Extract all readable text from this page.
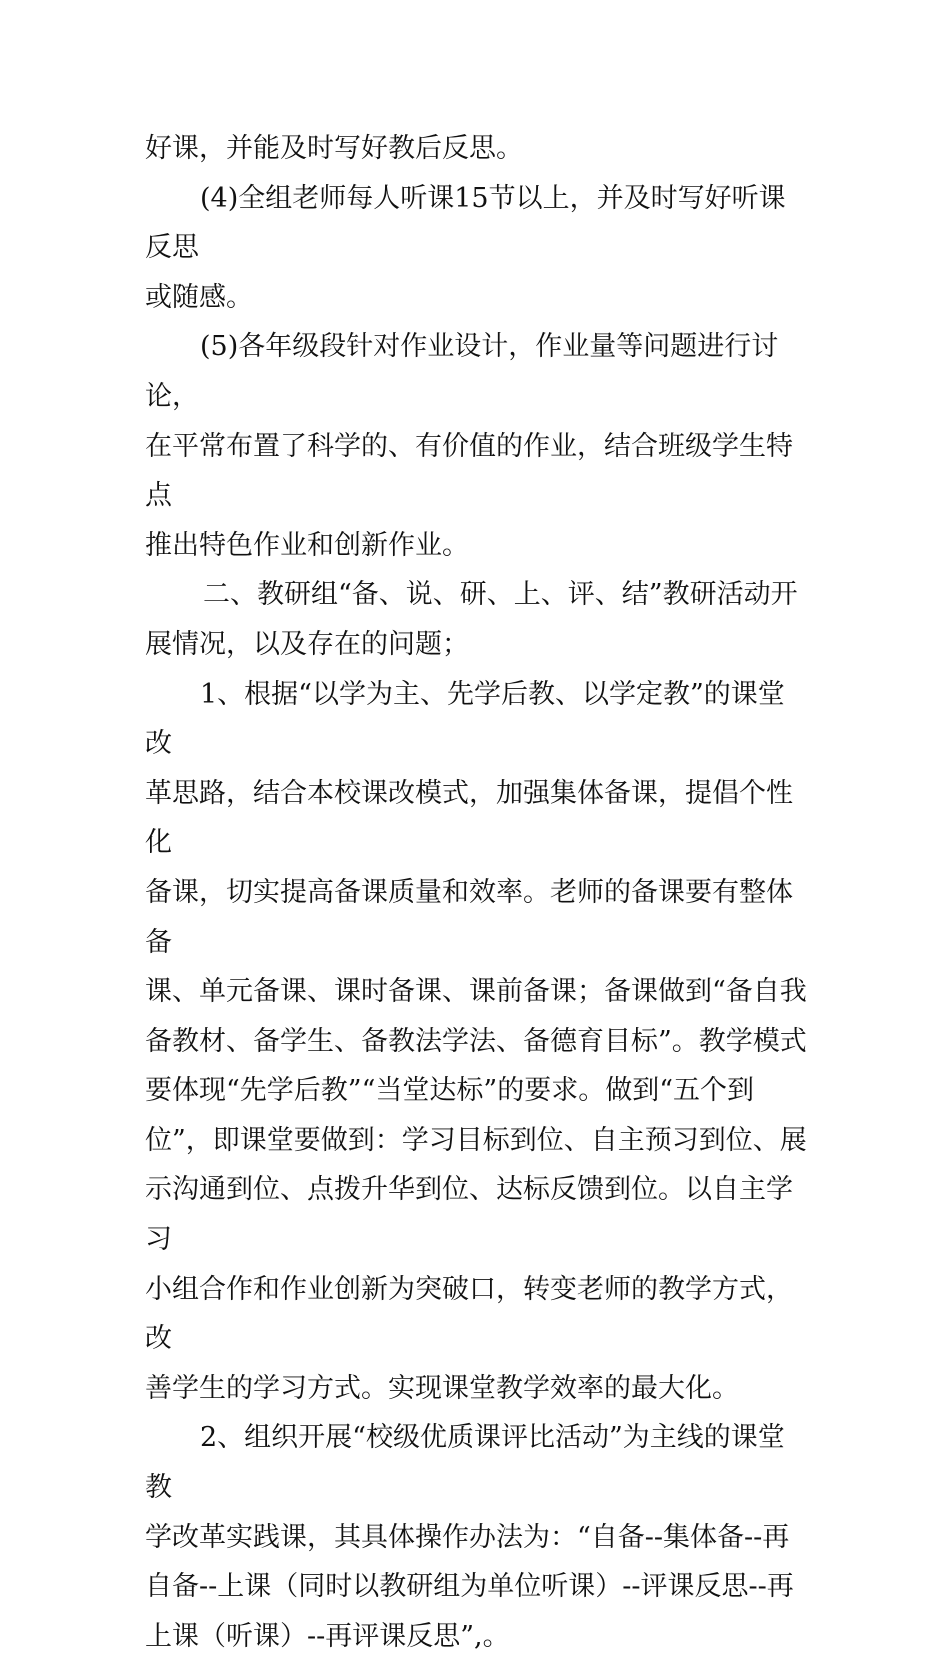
好课，并能及时写好教后反思。

(4)全组老师每人听课15节以上，并及时写好听课反思
或随感。

(5)各年级段针对作业设计，作业量等问题进行讨论，
在平常布置了科学的、有价值的作业，结合班级学生特点
推出特色作业和创新作业。

二、教研组“备、说、研、上、评、结”教研活动开
展情况，以及存在的问题；

1、根据“以学为主、先学后教、以学定教”的课堂改
革思路，结合本校课改模式，加强集体备课，提倡个性化
备课，切实提高备课质量和效率。老师的备课要有整体备
课、单元备课、课时备课、课前备课；备课做到“备自我
备教材、备学生、备教法学法、备德育目标”。教学模式
要体现“先学后教”“当堂达标”的要求。做到“五个到
位”，即课堂要做到：学习目标到位、自主预习到位、展
示沟通到位、点拨升华到位、达标反馈到位。以自主学习
小组合作和作业创新为突破口，转变老师的教学方式，改
善学生的学习方式。实现课堂教学效率的最大化。

2、组织开展“校级优质课评比活动”为主线的课堂教
学改革实践课，其具体操作办法为：“自备--集体备--再
自备--上课（同时以教研组为单位听课）--评课反思--再
上课（听课）--再评课反思”,。
